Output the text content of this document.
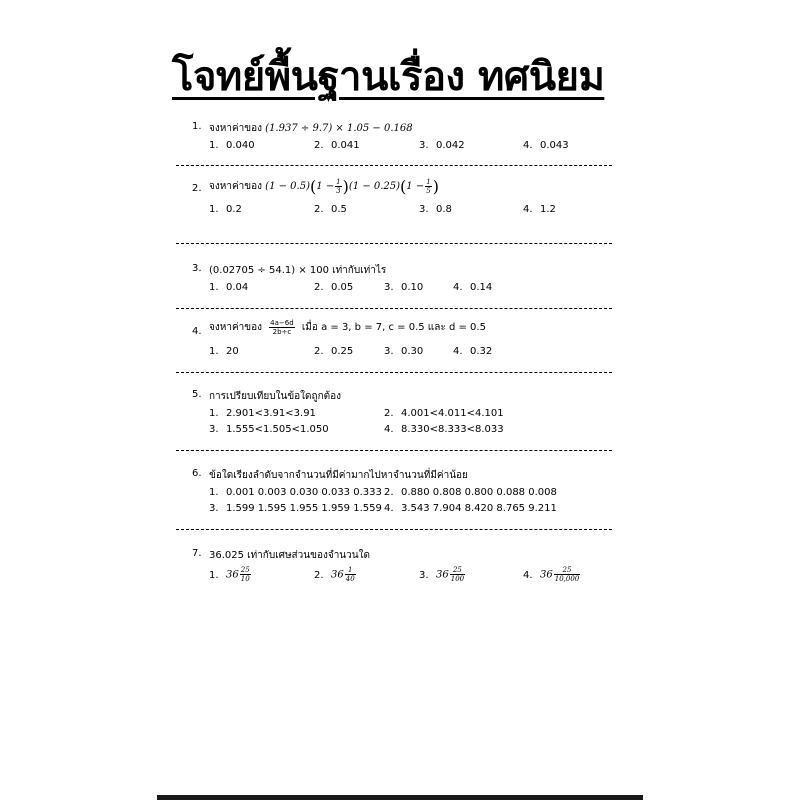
โจทย์พื้นฐานเรื่อง ทศนิยม
1. จงหาค่าของ (1.937 ÷ 9.7) × 1.05 − 0.168
1. 0.040	2. 0.041	3. 0.042	4. 0.043
2. จงหาค่าของ $(1 - 0.5)(1 - \frac{1}{3} )(1 - 0.25)(1 - \frac{1}{5}$ )
1. 0.2	2. 0.5	3. 0.8	4. 1.2
3. (0.02705 ÷ 54.1) × 100 เท่ากับเท่าไร
1. 0.04	2. 0.05	3. 0.10	4. 0.14
4. จงหาค่าของ $\frac{4a-6d}{2b\div c}$ เมื่อ a = 3, b = 7, c = 0.5 และ d = 0.5
1. 20	2. 0.25	3. 0.30	4. 0.32
5. การเปรียบเทียบในข้อใดถูกต้อง
1. 2.901<3.91<3.91	2. 4.001<4.011<4.101
3. 1.555<1.505<1.050	4. 8.330<8.333<8.033
6. ข้อใดเรียงลำดับจากจำนวนที่มีค่ามากไปหาจำนวนที่มีค่าน้อย
1. 0.001 0.003 0.030 0.033 0.333 2. 0.880 0.808 0.800 0.088 0.008
3. 1.599 1.595 1.955 1.959 1.559 4. 3.543 7.904 8.420 8.765 9.211
7. 36.025 เท่ากับเศษส่วนของจำนวนใด
1. $36 \frac{25}{10}$	2. $36 \frac{1}{40}$	3. $36 \frac{25}{100}$	4. $36 \frac{25}{10,000}$
